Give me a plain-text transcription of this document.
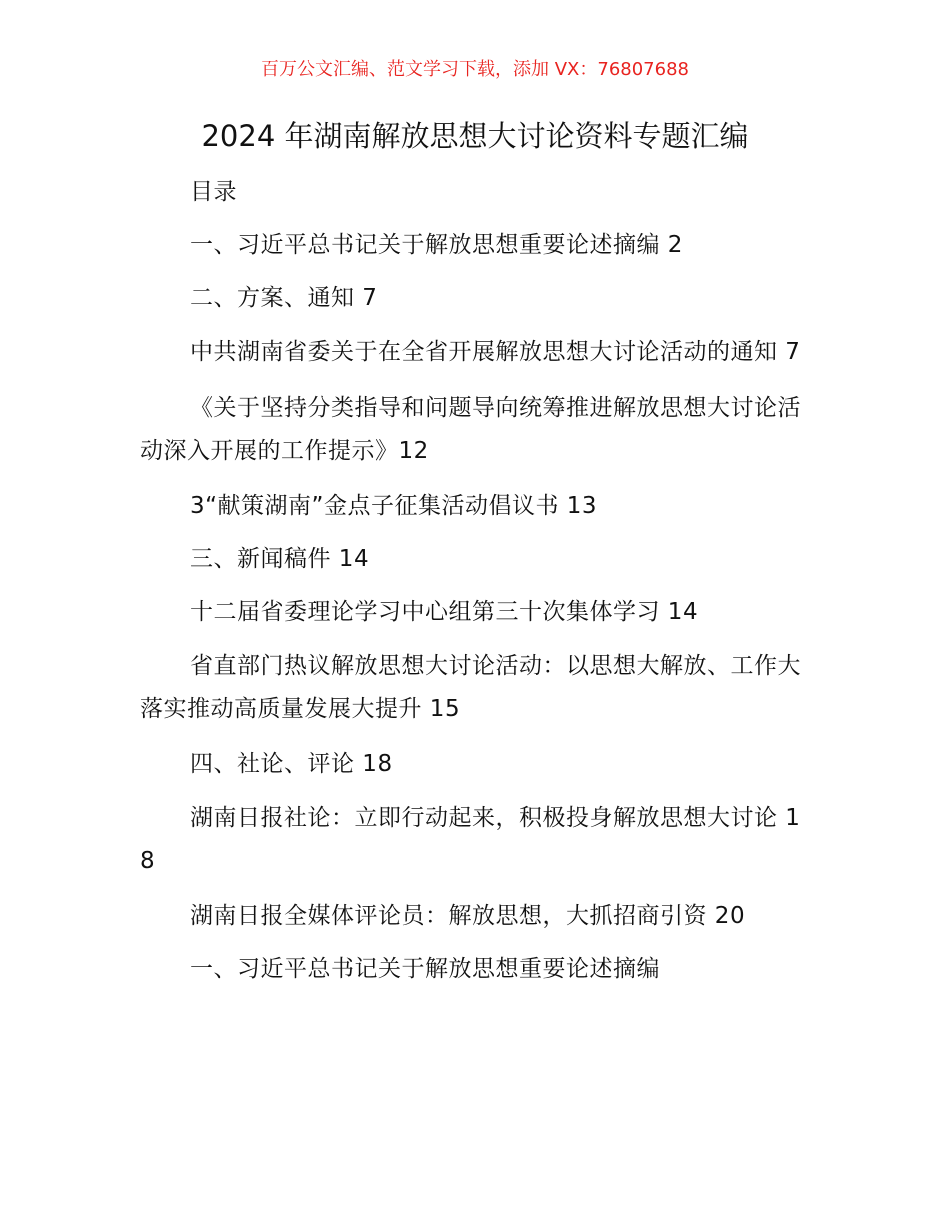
百万公文汇编、范文学习下载，添加 VX：76807688
2024 年湖南解放思想大讨论资料专题汇编

目录

一、习近平总书记关于解放思想重要论述摘编 2

二、方案、通知 7

中共湖南省委关于在全省开展解放思想大讨论活动的通知 7

《关于坚持分类指导和问题导向统筹推进解放思想大讨论活动深入开展的工作提示》12

3“献策湖南”金点子征集活动倡议书 13

三、新闻稿件 14

十二届省委理论学习中心组第三十次集体学习 14

省直部门热议解放思想大讨论活动：以思想大解放、工作大落实推动高质量发展大提升 15

四、社论、评论 18

湖南日报社论：立即行动起来，积极投身解放思想大讨论 18

湖南日报全媒体评论员：解放思想，大抓招商引资 20

一、习近平总书记关于解放思想重要论述摘编
